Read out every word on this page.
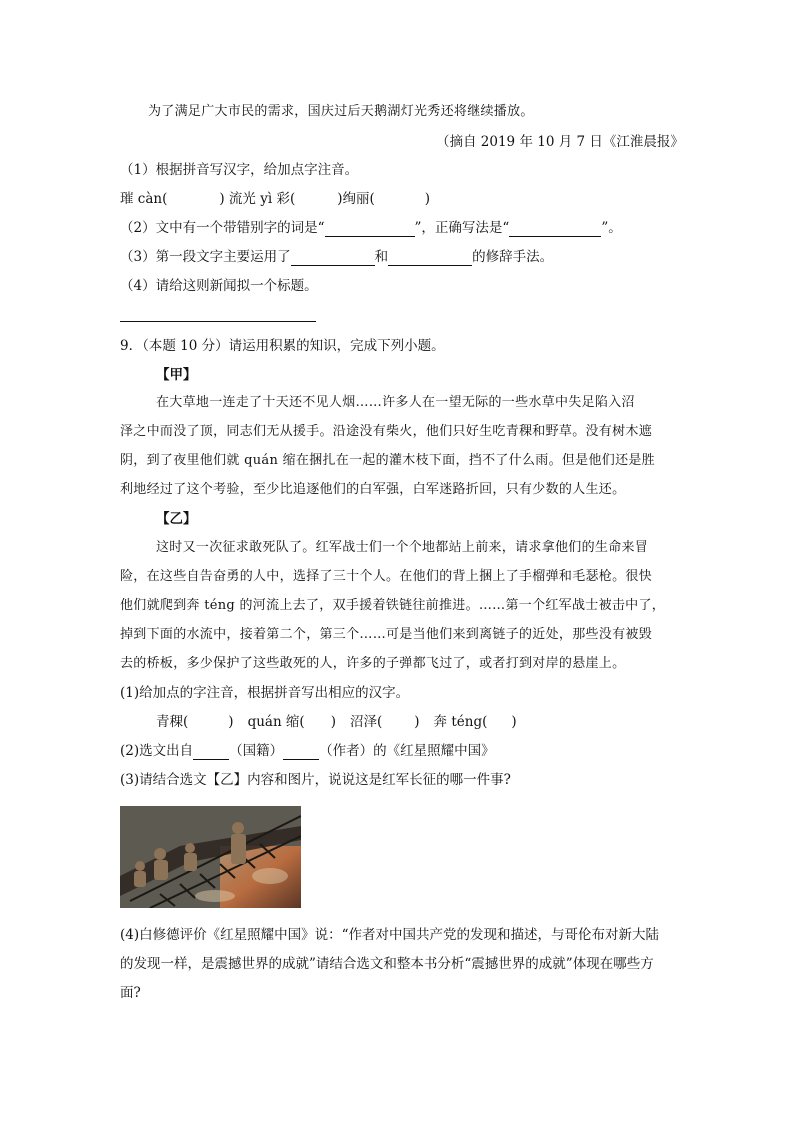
为了满足广大市民的需求，国庆过后天鹅湖灯光秀还将继续播放。
（摘自 2019 年 10 月 7 日《江淮晨报》
（1）根据拼音写汉字，给加点字注音。
璀 càn(	) 流光 yì 彩(	)绚丽(	)
（2）文中有一个带错别字的词是“	”，正确写法是“	”。
（3）第一段文字主要运用了	和	的修辞手法。
（4）请给这则新闻拟一个标题。
9．（本题 10 分）请运用积累的知识，完成下列小题。
【甲】
在大草地一连走了十天还不见人烟……许多人在一望无际的一些水草中失足陷入沼
泽之中而没了顶，同志们无从援手。沿途没有柴火，他们只好生吃青稞和野草。没有树木遮
阴，到了夜里他们就 quán 缩在捆扎在一起的灌木枝下面，挡不了什么雨。但是他们还是胜
利地经过了这个考验，至少比追逐他们的白军强，白军迷路折回，只有少数的人生还。
【乙】
这时又一次征求敢死队了。红军战士们一个个地都站上前来，请求拿他们的生命来冒
险，在这些自告奋勇的人中，选择了三十个人。在他们的背上捆上了手榴弹和毛瑟枪。很快
他们就爬到奔 téng 的河流上去了，双手援着铁链往前推进。……第一个红军战士被击中了，
掉到下面的水流中，接着第二个，第三个……可是当他们来到离链子的近处，那些没有被毁
去的桥板，多少保护了这些敢死的人，许多的子弹都飞过了，或者打到对岸的悬崖上。
(1)给加点的字注音，根据拼音写出相应的汉字。
青稞(	) quán 缩( ) 沼泽( ) 奔 téng( )
(2)选文出自	（国籍）	（作者）的《红星照耀中国》
(3)请结合选文【乙】内容和图片，说说这是红军长征的哪一件事?
(4)白修德评价《红星照耀中国》说：“作者对中国共产党的发现和描述，与哥伦布对新大陆
的发现一样，是震撼世界的成就”请结合选文和整本书分析“震撼世界的成就”体现在哪些方
面?
